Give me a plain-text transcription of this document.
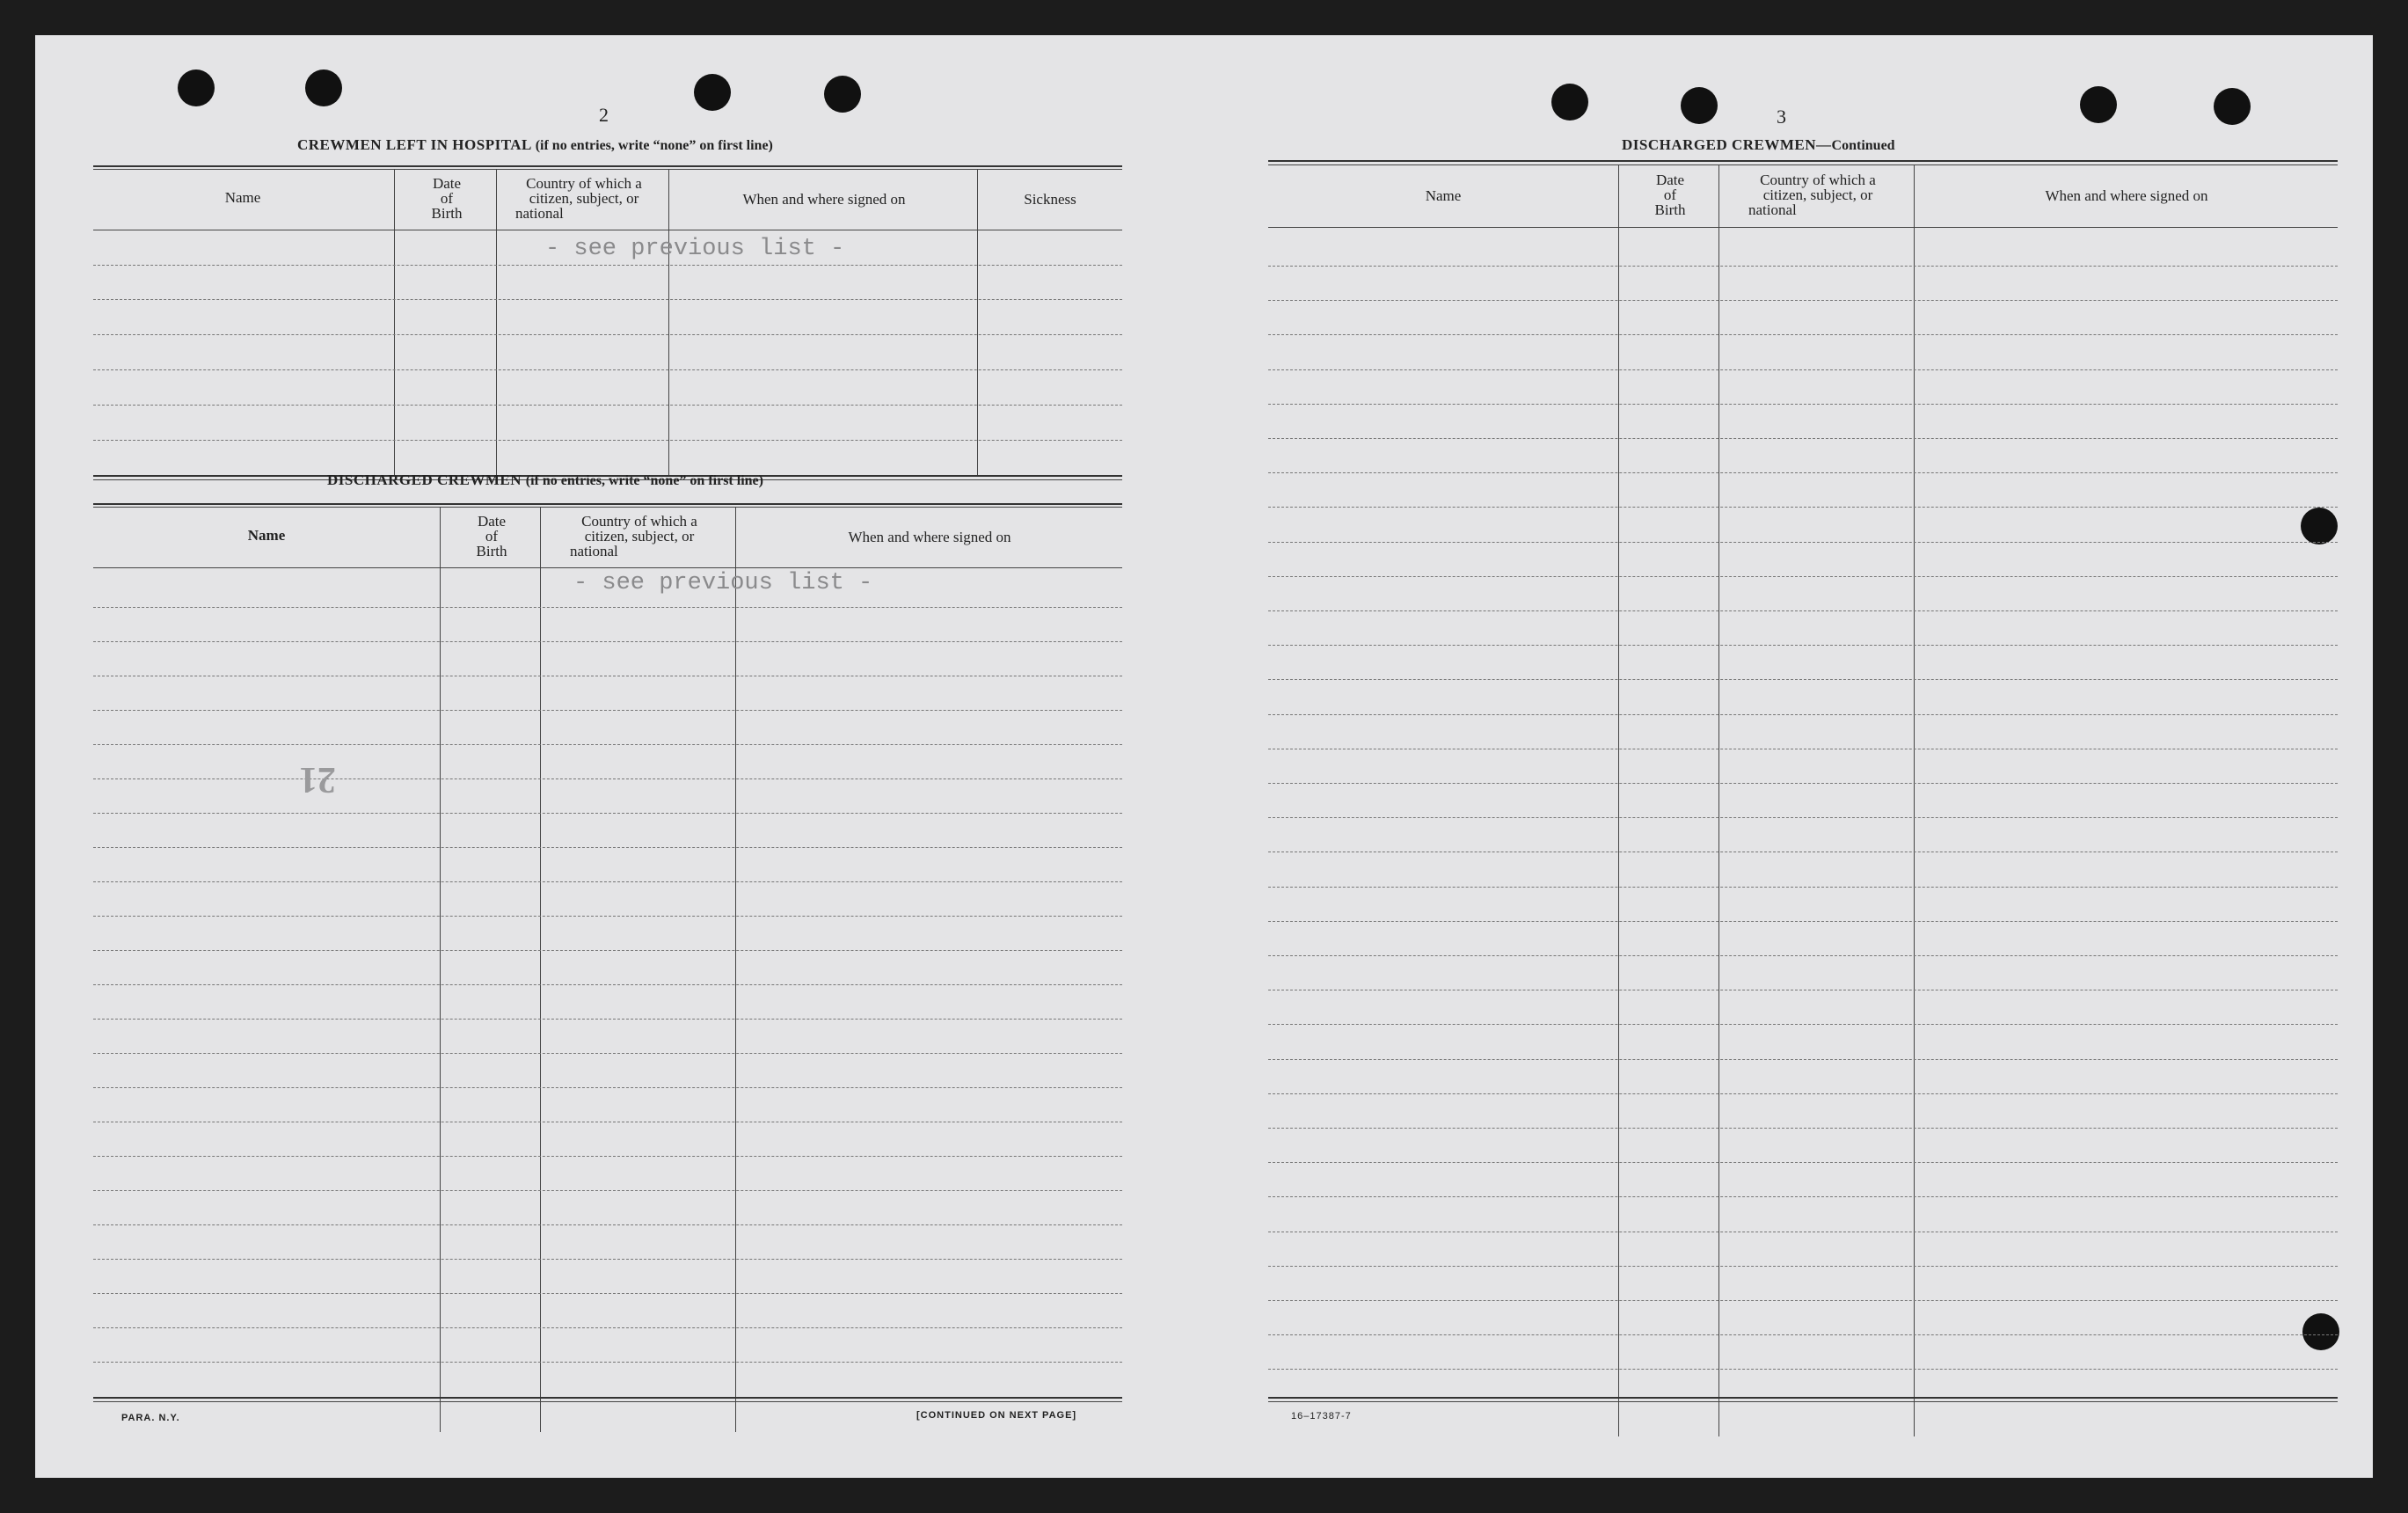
2
CREWMEN LEFT IN HOSPITAL (if no entries, write “none” on first line)
Name
Date
of
Birth
Country of which a
citizen, subject, or
national
When and where signed on	Sickness
- see previous list -
DISCHARGED CREWMEN (if no entries, write “none” on first line)
Name
Date
of
Birth
Country of which a
citizen, subject, or
national
When and where signed on
- see previous list -
21
PARA. N.Y.	[CONTINUED ON NEXT PAGE]
3
DISCHARGED CREWMEN—Continued
Name
Date
of
Birth
Country of which a
citizen, subject, or
national
When and where signed on
16–17387-7
